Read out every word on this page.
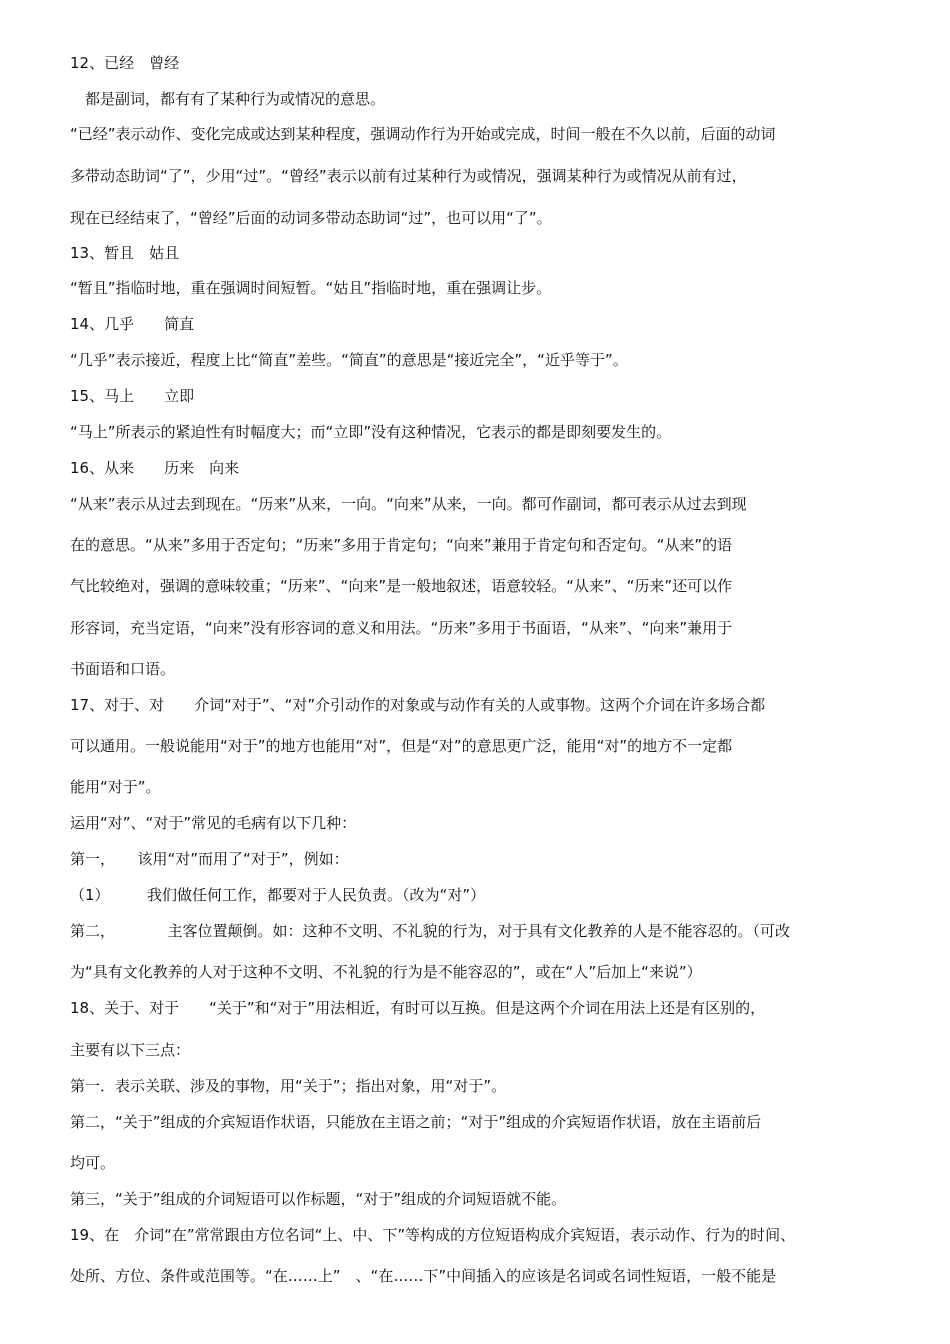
12、已经　曾经
　都是副词，都有有了某种行为或情况的意思。
“已经”表示动作、变化完成或达到某种程度，强调动作行为开始或完成，时间一般在不久以前，后面的动词
多带动态助词“了”，少用“过”。“曾经”表示以前有过某种行为或情况，强调某种行为或情况从前有过，
现在已经结束了，“曾经”后面的动词多带动态助词“过”，也可以用“了”。
13、暂且　姑且
“暂且”指临时地，重在强调时间短暂。“姑且”指临时地，重在强调让步。
14、几乎　　简直
“几乎”表示接近，程度上比“简直”差些。“简直”的意思是“接近完全”，“近乎等于”。
15、马上　　立即
“马上”所表示的紧迫性有时幅度大；而“立即”没有这种情况，它表示的都是即刻要发生的。
16、从来　　历来　向来
“从来”表示从过去到现在。“历来”从来，一向。“向来”从来，一向。都可作副词，都可表示从过去到现
在的意思。“从来”多用于否定句；“历来”多用于肯定句；“向来”兼用于肯定句和否定句。“从来”的语
气比较绝对，强调的意味较重；“历来”、“向来”是一般地叙述，语意较轻。“从来”、“历来”还可以作
形容词，充当定语，“向来”没有形容词的意义和用法。“历来”多用于书面语，“从来”、“向来”兼用于
书面语和口语。
17、对于、对　　介词“对于”、“对”介引动作的对象或与动作有关的人或事物。这两个介词在许多场合都
可以通用。一般说能用“对于”的地方也能用“对”，但是“对”的意思更广泛，能用“对”的地方不一定都
能用“对于”。
运用“对”、“对于”常见的毛病有以下几种：
第一，　　该用“对”而用了“对于”，例如：
（1）　　　我们做任何工作，都要对于人民负责。（改为“对”）
第二，　　　　主客位置颠倒。如：这种不文明、不礼貌的行为，对于具有文化教养的人是不能容忍的。（可改
为“具有文化教养的人对于这种不文明、不礼貌的行为是不能容忍的”，或在“人”后加上“来说”）
18、关于、对于　　“关于”和“对于”用法相近，有时可以互换。但是这两个介词在用法上还是有区别的，
主要有以下三点：
第一．表示关联、涉及的事物，用“关于”；指出对象，用“对于”。
第二，“关于”组成的介宾短语作状语，只能放在主语之前；“对于”组成的介宾短语作状语，放在主语前后
均可。
第三，“关于”组成的介词短语可以作标题，“对于”组成的介词短语就不能。
19、在　介词“在”常常跟由方位名词“上、中、下”等构成的方位短语构成介宾短语，表示动作、行为的时间、
处所、方位、条件或范围等。“在……上”　、“在……下”中间插入的应该是名词或名词性短语，一般不能是
